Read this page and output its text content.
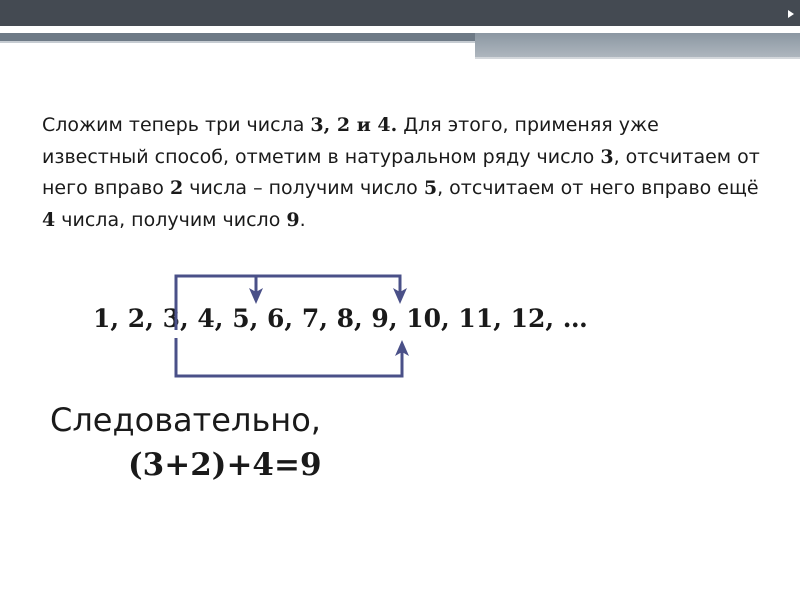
Сложим теперь три числа 3, 2 и 4. Для этого, применяя уже известный способ, отметим в натуральном ряду число 3, отсчитаем от него вправо 2 числа – получим число 5, отсчитаем от него вправо ещё 4 числа, получим число 9.
1, 2, 3, 4, 5, 6, 7, 8, 9, 10, 11, 12, …
Следовательно,
(3+2)+4=9
